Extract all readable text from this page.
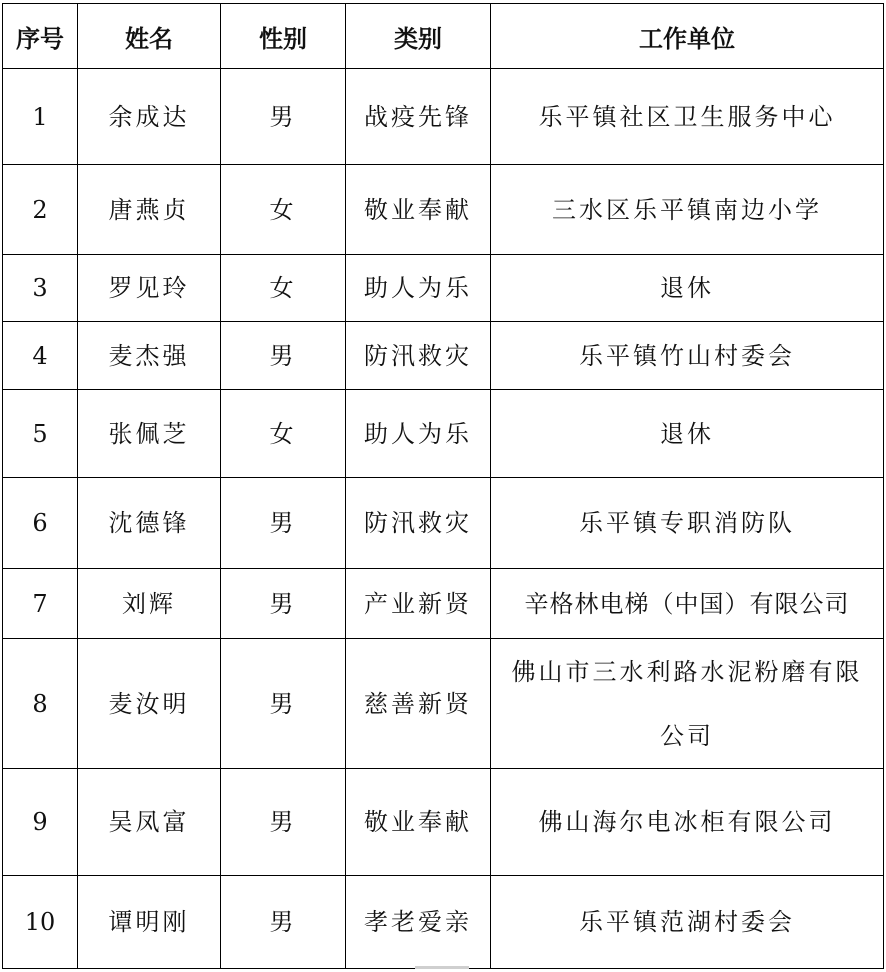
序号	姓名	性别	类别	工作单位
1	余成达	男	战疫先锋	乐平镇社区卫生服务中心
2	唐燕贞	女	敬业奉献	三水区乐平镇南边小学
3	罗见玲	女	助人为乐	退休
4	麦杰强	男	防汛救灾	乐平镇竹山村委会
5	张佩芝	女	助人为乐	退休
6	沈德锋	男	防汛救灾	乐平镇专职消防队
7	刘辉	男	产业新贤	辛格林电梯（中国）有限公司
8	麦汝明	男	慈善新贤	佛山市三水利路水泥粉磨有限公司
9	吴凤富	男	敬业奉献	佛山海尔电冰柜有限公司
10	谭明刚	男	孝老爱亲	乐平镇范湖村委会
